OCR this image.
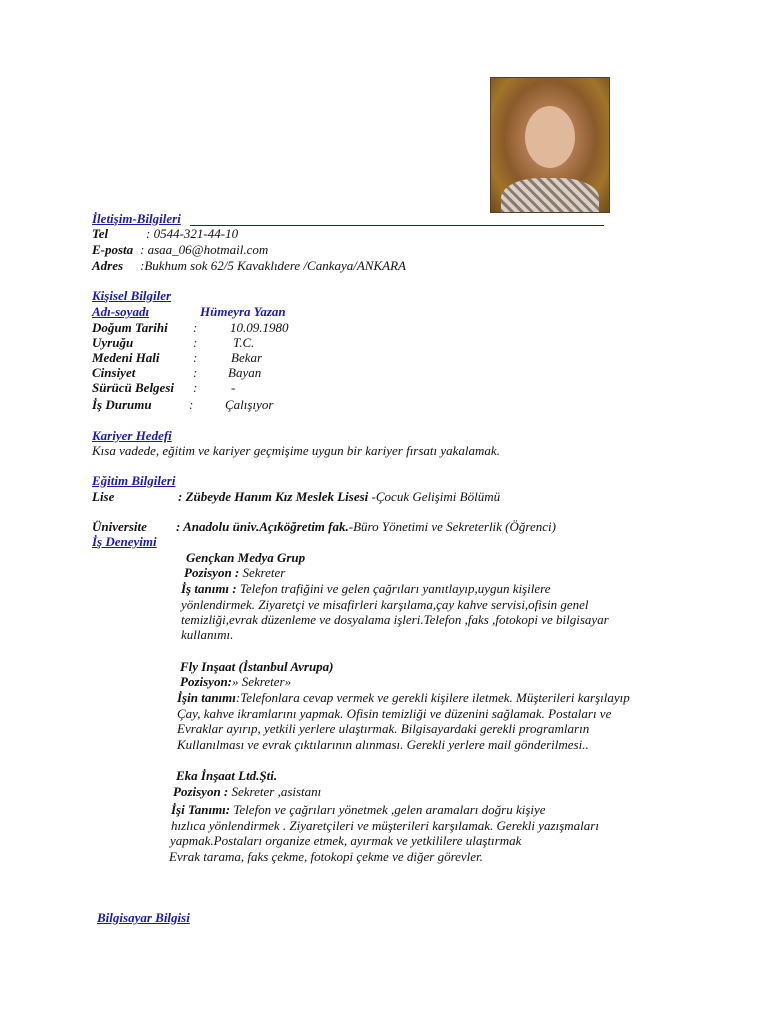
İletişim-Bilgileri
Tel	: 0544-321-44-10
E-posta : asaa_06@hotmail.com
Adres :Bukhum sok 62/5 Kavaklıdere /Cankaya/ANKARA
Kişisel Bilgiler
Adı-soyadı	Hümeyra Yazan
Doğum Tarihi :	10.09.1980
Uyruğu	:	T.C.
Medeni Hali	:	Bekar
Cinsiyet	: Bayan
Sürücü Belgesi :	-
İş Durumu	: Çalışıyor
Kariyer Hedefi
Kısa vadede, eğitim ve kariyer geçmişime uygun bir kariyer fırsatı yakalamak.
Eğitim Bilgileri
Lise	: Zübeyde Hanım Kız Meslek Lisesi -Çocuk Gelişimi Bölümü
Üniversite : Anadolu üniv.Açıköğretim fak.-Büro Yönetimi ve Sekreterlik (Öğrenci)
İş Deneyimi
Gençkan Medya Grup
Pozisyon : Sekreter
İş tanımı : Telefon trafiğini ve gelen çağrıları yanıtlayıp,uygun kişilere
yönlendirmek. Ziyaretçi ve misafirleri karşılama,çay kahve servisi,ofisin genel
temizliği,evrak düzenleme ve dosyalama işleri.Telefon ,faks ,fotokopi ve bilgisayar
kullanımı.
Fly Inşaat (İstanbul Avrupa)
Pozisyon:» Sekreter»
İşin tanımı:Telefonlara cevap vermek ve gerekli kişilere iletmek. Müşterileri karşılayıp
Çay, kahve ikramlarını yapmak. Ofisin temizliği ve düzenini sağlamak. Postaları ve
Evraklar ayırıp, yetkili yerlere ulaştırmak. Bilgisayardaki gerekli programların
Kullanılması ve evrak çıktılarının alınması. Gerekli yerlere mail gönderilmesi..
Eka İnşaat Ltd.Şti.
Pozisyon : Sekreter ,asistanı
İşi Tanımı: Telefon ve çağrıları yönetmek ,gelen aramaları doğru kişiye
hızlıca yönlendirmek . Ziyaretçileri ve müşterileri karşılamak. Gerekli yazışmaları
yapmak.Postaları organize etmek, ayırmak ve yetkililere ulaştırmak
Evrak tarama, faks çekme, fotokopi çekme ve diğer görevler.
Bilgisayar Bilgisi
